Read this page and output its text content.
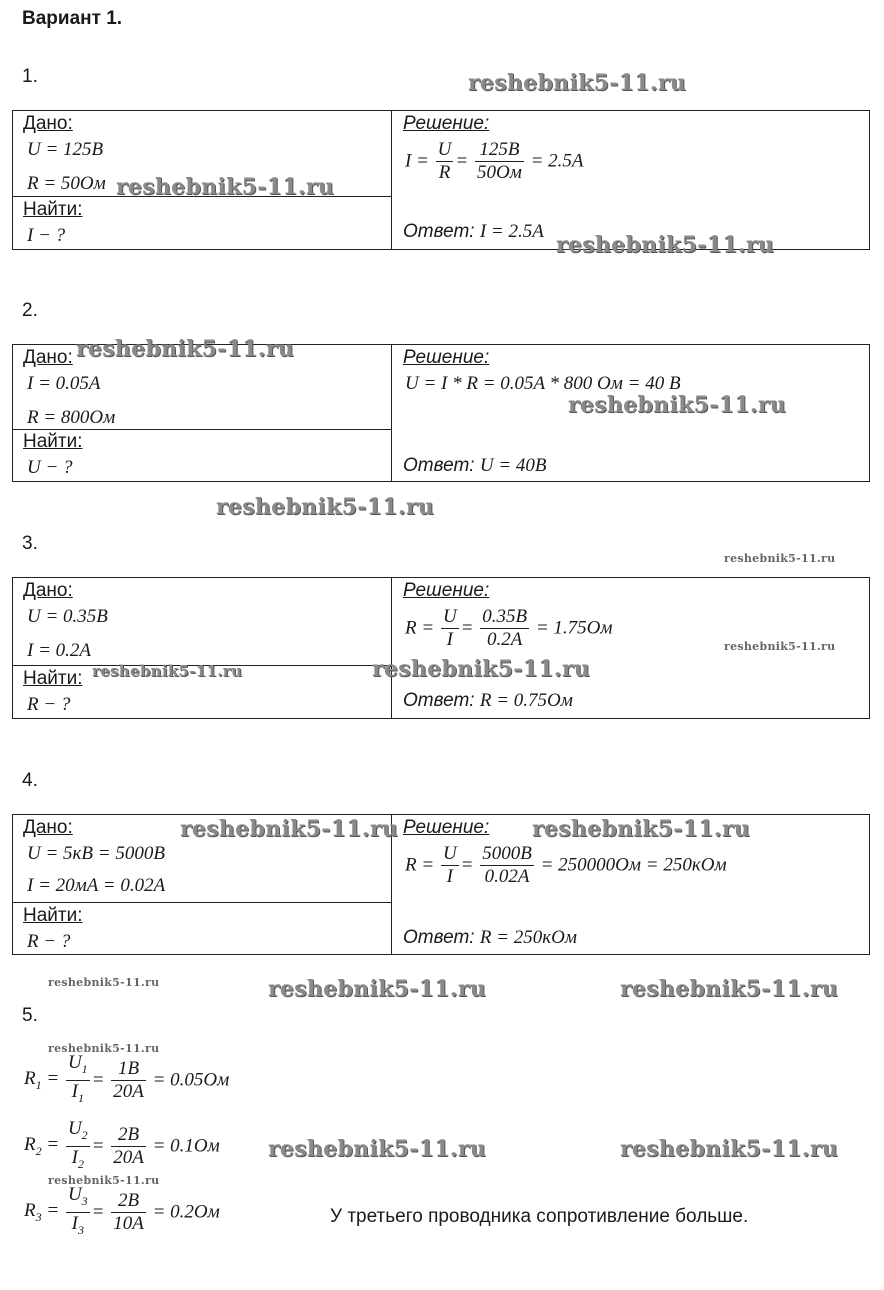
Вариант 1.
1.
Дано:
U = 125B
R = 50Ом
Найти:
I − ?
Решение:
$I = \frac{U}{R} = \frac{125B}{50Ом} = 2.5A$
Ответ: I = 2.5A
2.
Дано:
I = 0.05A
R = 800Ом
Найти:
U − ?
Решение:
U = I * R = 0.05A * 800 Ом = 40 В
Ответ: U = 40B
3.
Дано:
U = 0.35B
I = 0.2A
Найти:
R − ?
Решение:
$R = \frac{U}{I} = \frac{0.35B}{0.2A} = 1.75Ом$
Ответ: R = 0.75Ом
4.
Дано:
U = 5кB = 5000B
I = 20мA = 0.02A
Найти:
R − ?
Решение:
$R = \frac{U}{I} = \frac{5000B}{0.02A} = 250000Ом = 250кОм$
Ответ: R = 250кОм
5.
$R_1 = \frac{U_1}{I_1} = \frac{1B}{20A} = 0.05Ом$
$R_2 = \frac{U_2}{I_2} = \frac{2B}{20A} = 0.1Ом$
$R_3 = \frac{U_3}{I_3} = \frac{2B}{10A} = 0.2Ом$	У третьего проводника сопротивление больше.
reshebnik5-11.ru
reshebnik5-11.ru
reshebnik5-11.ru
reshebnik5-11.ru
reshebnik5-11.ru
reshebnik5-11.ru
reshebnik5-11.ru
reshebnik5-11.ru
reshebnik5-11.ru	reshebnik5-11.ru
reshebnik5-11.ru	reshebnik5-11.ru
reshebnik5-11.ru	reshebnik5-11.ru	reshebnik5-11.ru
reshebnik5-11.ru
reshebnik5-11.ru	reshebnik5-11.ru
reshebnik5-11.ru
